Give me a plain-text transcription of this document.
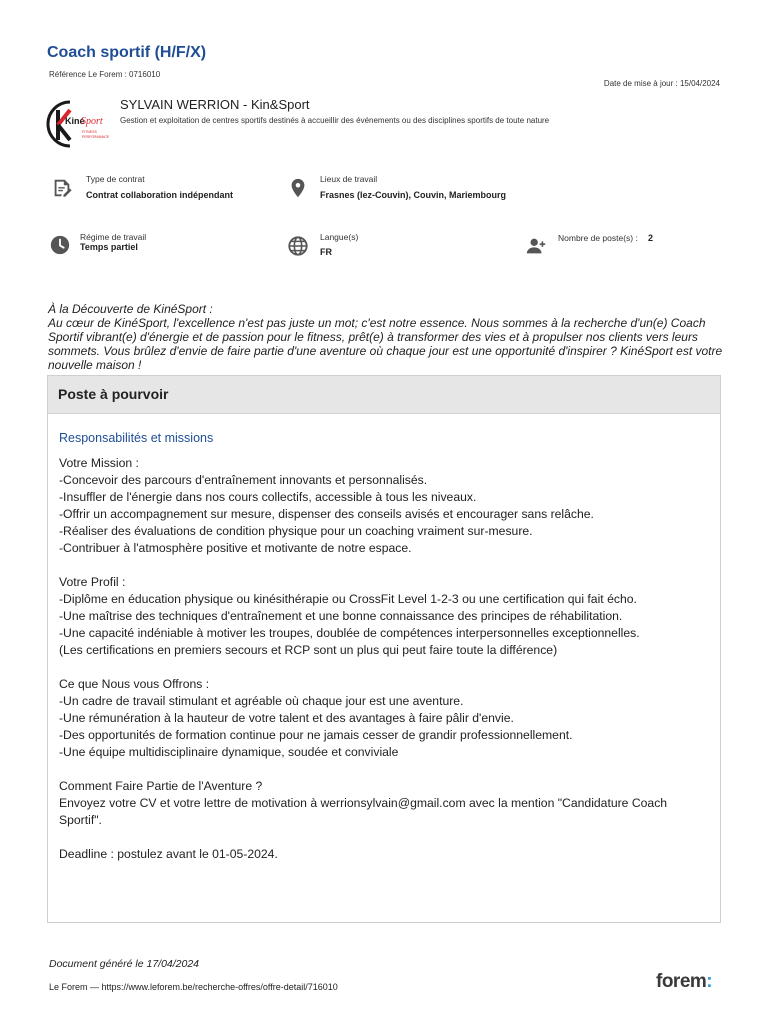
Coach sportif (H/F/X)
Référence Le Forem : 0716010
Date de mise à jour : 15/04/2024
Kiné
Sport
FITNESS
PERFORMANCE
SYLVAIN WERRION - Kin&Sport
Gestion et exploitation de centres sportifs destinés à accueillir des événements ou des disciplines sportifs de toute nature
Type de contrat
Contrat collaboration indépendant
Lieux de travail
Frasnes (lez-Couvin), Couvin, Mariembourg
Régime de travail
Temps partiel
Langue(s)
FR
Nombre de poste(s) : 2
À la Découverte de KinéSport :
Au cœur de KinéSport, l'excellence n'est pas juste un mot; c'est notre essence. Nous sommes à la recherche d'un(e) Coach Sportif vibrant(e) d'énergie et de passion pour le fitness, prêt(e) à transformer des vies et à propulser nos clients vers leurs sommets. Vous brûlez d'envie de faire partie d'une aventure où chaque jour est une opportunité d'inspirer ? KinéSport est votre nouvelle maison !
Poste à pourvoir
Responsabilités et missions
Votre Mission :
-Concevoir des parcours d'entraînement innovants et personnalisés.
-Insuffler de l'énergie dans nos cours collectifs, accessible à tous les niveaux.
-Offrir un accompagnement sur mesure, dispenser des conseils avisés et encourager sans relâche.
-Réaliser des évaluations de condition physique pour un coaching vraiment sur-mesure.
-Contribuer à l'atmosphère positive et motivante de notre espace.

Votre Profil :
-Diplôme en éducation physique ou kinésithérapie ou CrossFit Level 1-2-3 ou une certification qui fait écho.
-Une maîtrise des techniques d'entraînement et une bonne connaissance des principes de réhabilitation.
-Une capacité indéniable à motiver les troupes, doublée de compétences interpersonnelles exceptionnelles.
(Les certifications en premiers secours et RCP sont un plus qui peut faire toute la différence)

Ce que Nous vous Offrons :
-Un cadre de travail stimulant et agréable où chaque jour est une aventure.
-Une rémunération à la hauteur de votre talent et des avantages à faire pâlir d'envie.
-Des opportunités de formation continue pour ne jamais cesser de grandir professionnellement.
-Une équipe multidisciplinaire dynamique, soudée et conviviale

Comment Faire Partie de l'Aventure ?
Envoyez votre CV et votre lettre de motivation à werrionsylvain@gmail.com avec la mention "Candidature Coach Sportif".

Deadline : postulez avant le 01-05-2024.
Document généré le 17/04/2024
Le Forem — https://www.leforem.be/recherche-offres/offre-detail/716010	forem:
